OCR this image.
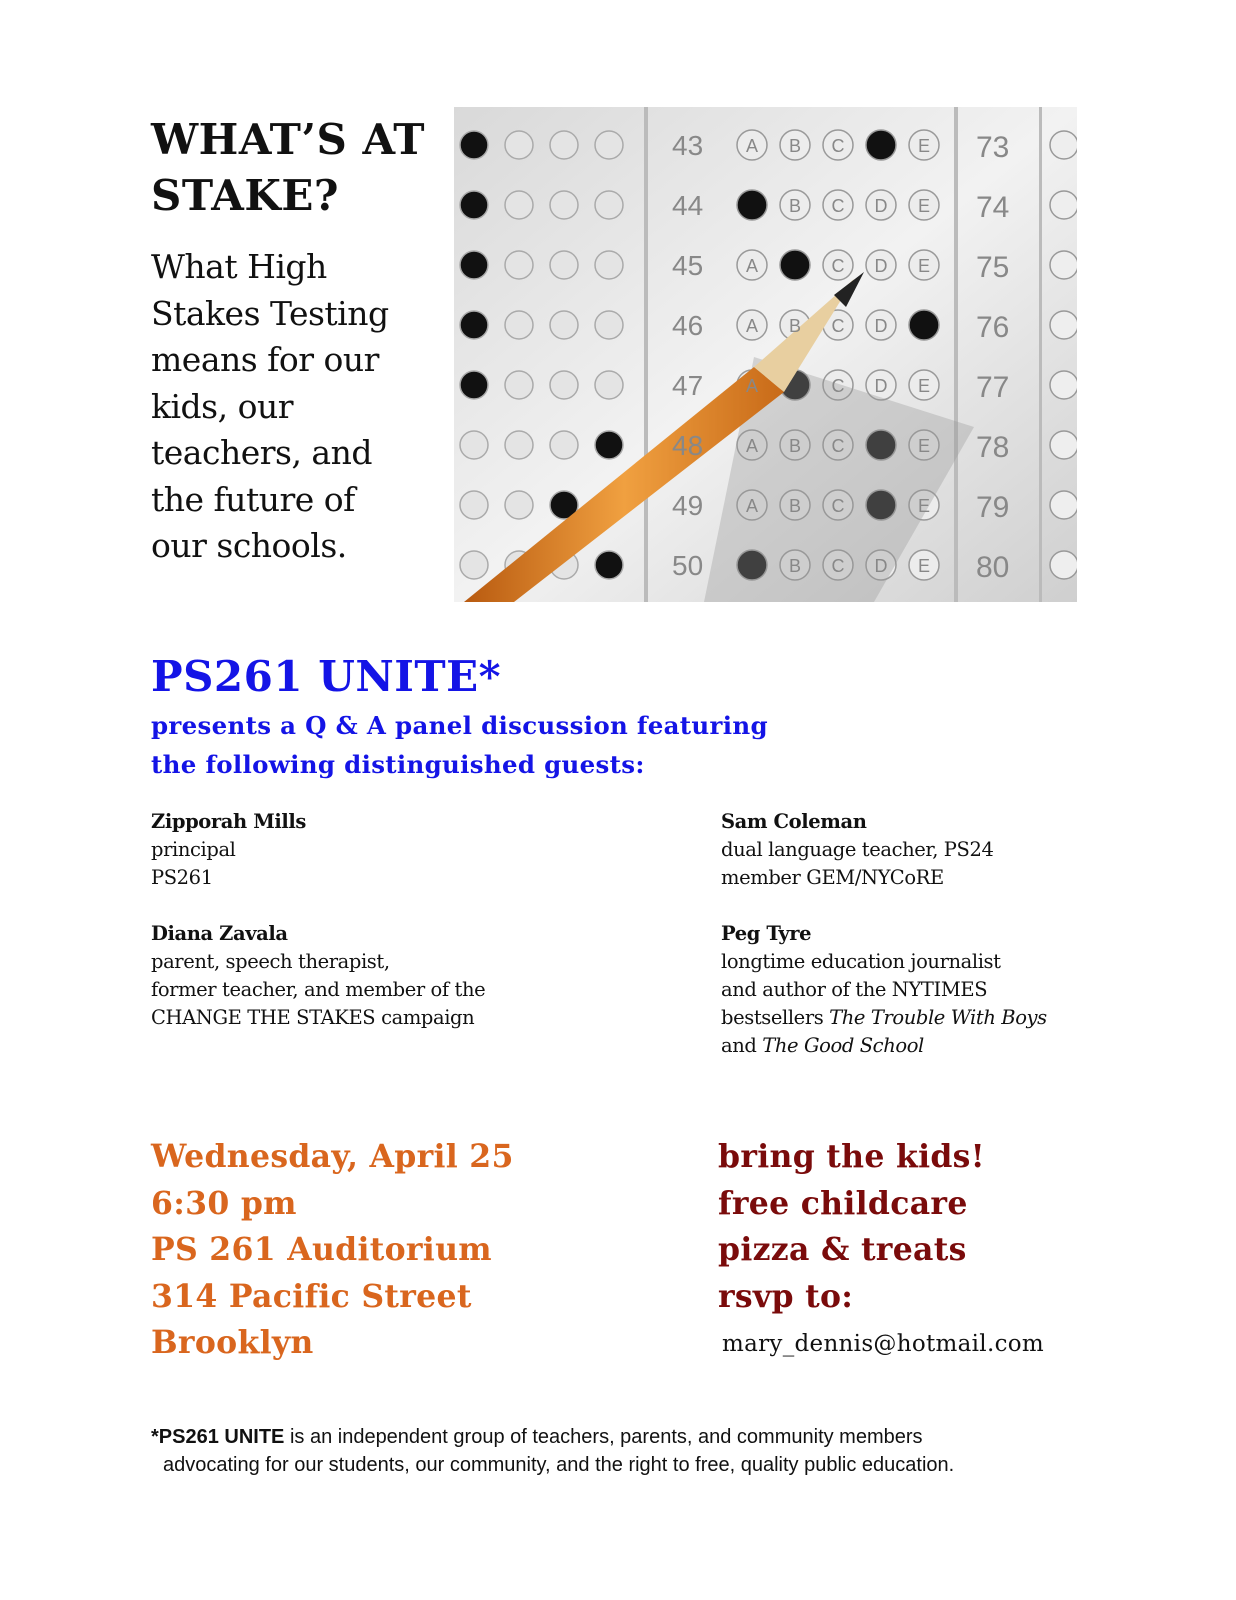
WHAT’S AT
STAKE?
What High
Stakes Testing
means for our
kids, our
teachers, and
the future of
our schools.
43 A B C	E 73
44	B C D E 74
45 A	C D E 75
46 A B C D	76
47 A	C D E 77
48 A B C	E 78
49 A B C	E 79
50	B C D E 80
PS261 UNITE*
presents a Q & A panel discussion featuring
the following distinguished guests:
Zipporah Mills
principal
PS261
Sam Coleman
dual language teacher, PS24
member GEM/NYCoRE
Diana Zavala
parent, speech therapist,
former teacher, and member of the
CHANGE THE STAKES campaign
Peg Tyre
longtime education journalist
and author of the NYTIMES
bestsellers The Trouble With Boys
and The Good School
Wednesday, April 25
6:30 pm
PS 261 Auditorium
314 Pacific Street
Brooklyn
bring the kids!
free childcare
pizza & treats
rsvp to:
mary_dennis@hotmail.com
*PS261 UNITE is an independent group of teachers, parents, and community members
advocating for our students, our community, and the right to free, quality public education.
